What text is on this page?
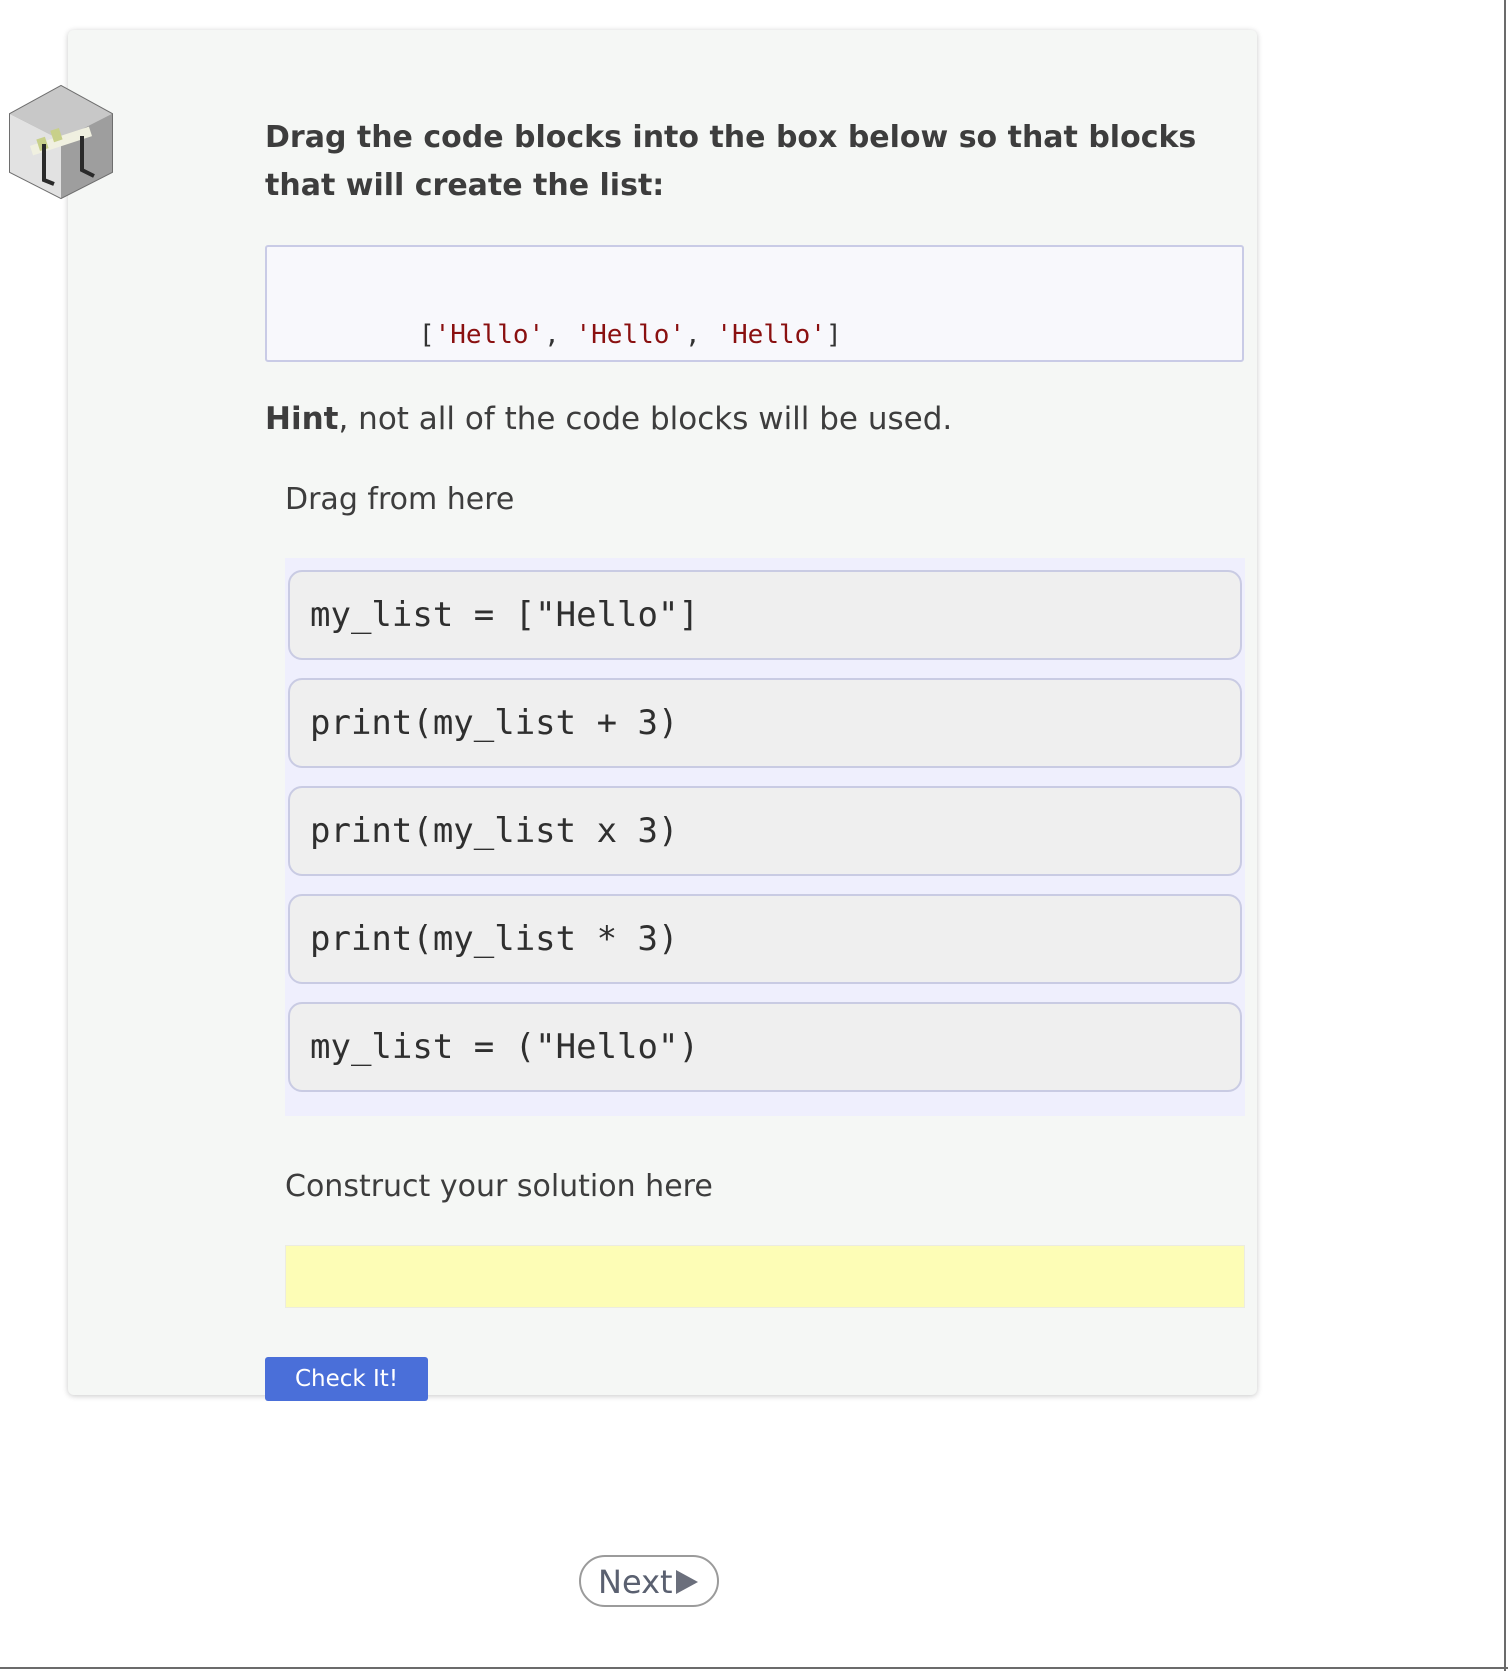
Drag the code blocks into the box below so that blocks that will create the list:

['Hello', 'Hello', 'Hello']

Hint, not all of the code blocks will be used.
Drag from here
my_list = ["Hello"]
print(my_list + 3)
print(my_list x 3)
print(my_list * 3)
my_list = ("Hello")
Construct your solution here
Check It!
Next
